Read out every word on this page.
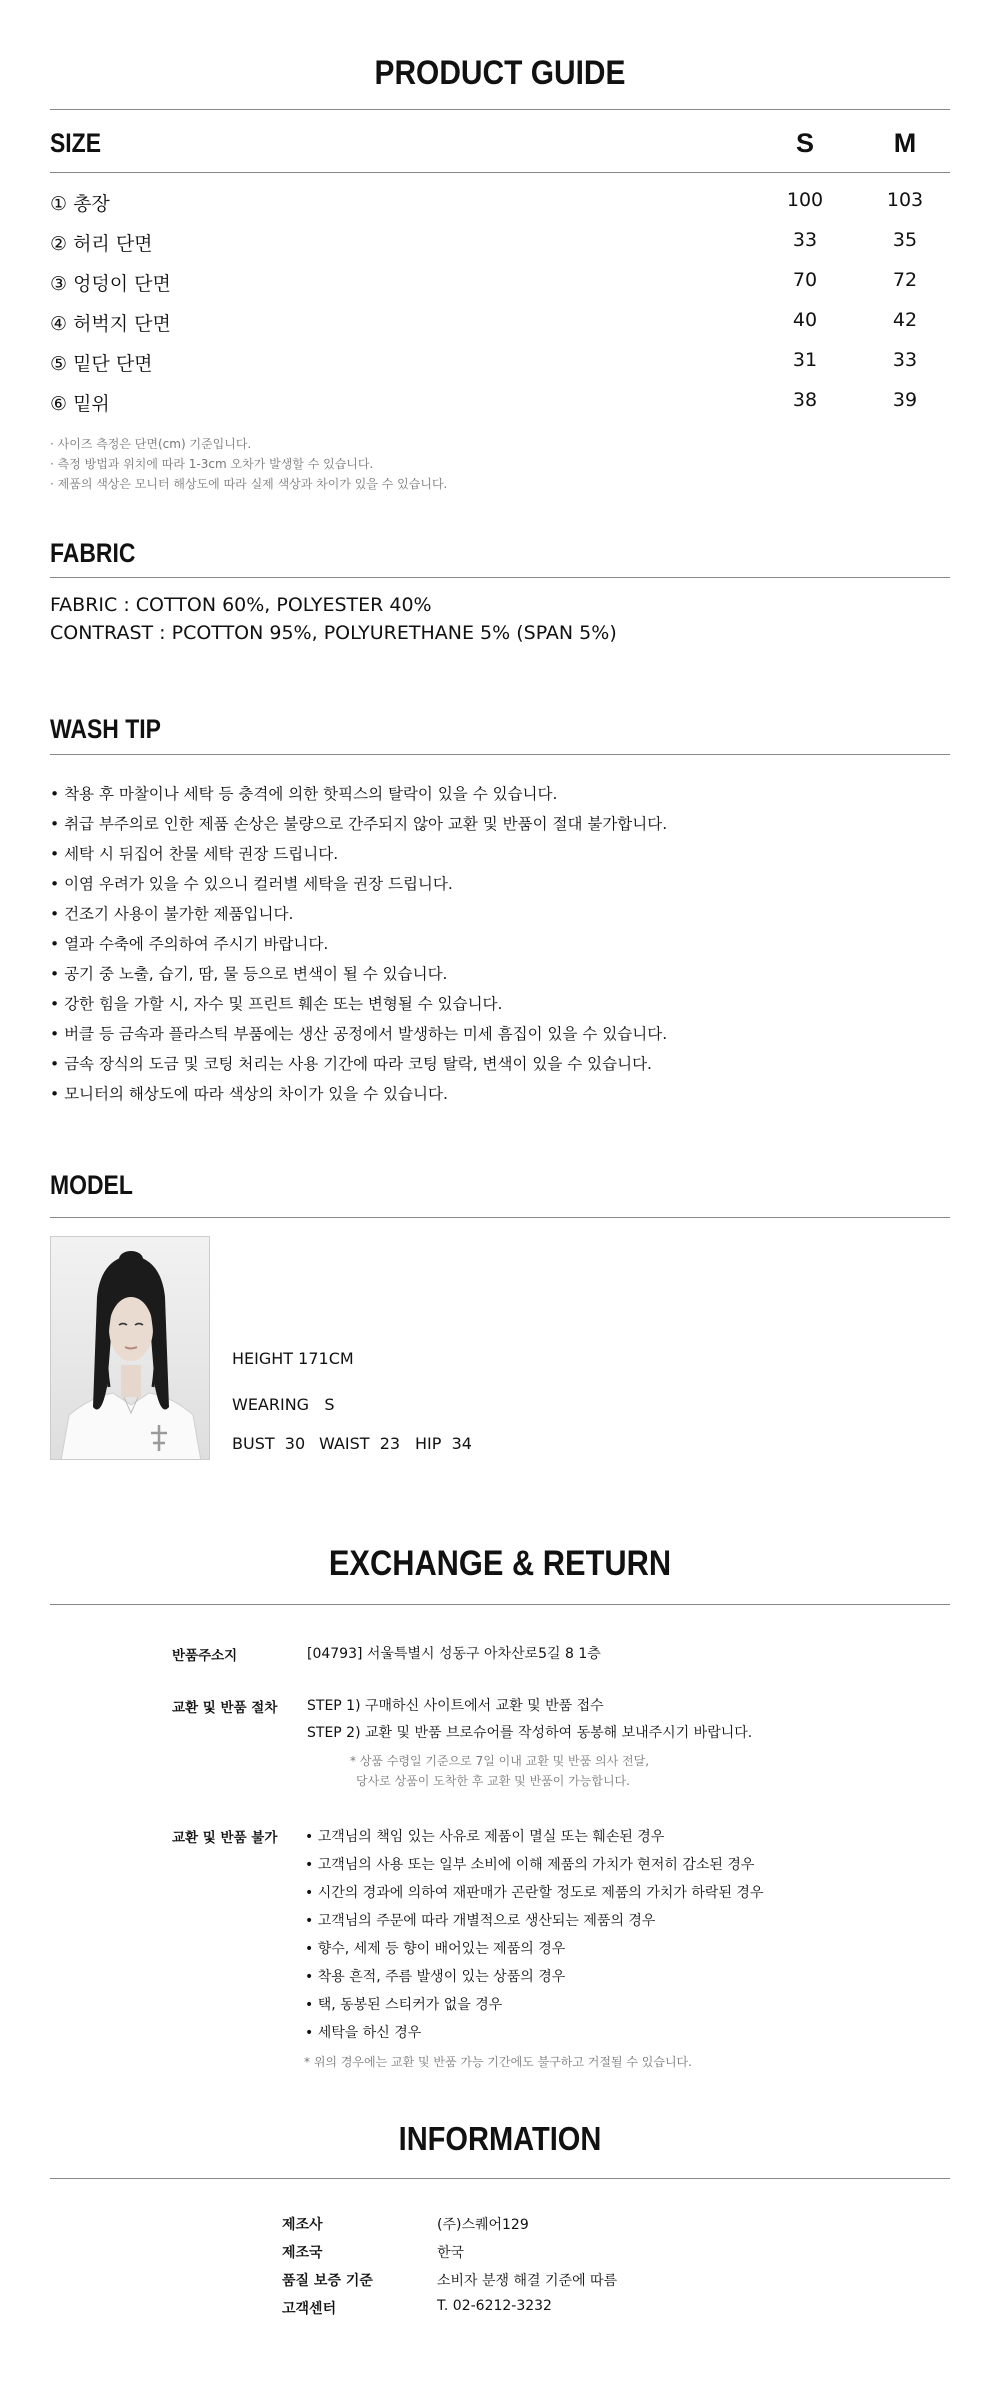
PRODUCT GUIDE
SIZE	S	M
① 총장	100	103
② 허리 단면	33	35
③ 엉덩이 단면	70	72
④ 허벅지 단면	40	42
⑤ 밑단 단면	31	33
⑥ 밑위	38	39
· 사이즈 측정은 단면(cm) 기준입니다.
· 측정 방법과 위치에 따라 1-3cm 오차가 발생할 수 있습니다.
· 제품의 색상은 모니터 해상도에 따라 실제 색상과 차이가 있을 수 있습니다.
FABRIC
FABRIC : COTTON 60%, POLYESTER 40%
CONTRAST : PCOTTON 95%, POLYURETHANE 5% (SPAN 5%)
WASH TIP
• 착용 후 마찰이나 세탁 등 충격에 의한 핫픽스의 탈락이 있을 수 있습니다.
• 취급 부주의로 인한 제품 손상은 불량으로 간주되지 않아 교환 및 반품이 절대 불가합니다.
• 세탁 시 뒤집어 찬물 세탁 권장 드립니다.
• 이염 우려가 있을 수 있으니 컬러별 세탁을 권장 드립니다.
• 건조기 사용이 불가한 제품입니다.
• 열과 수축에 주의하여 주시기 바랍니다.
• 공기 중 노출, 습기, 땀, 물 등으로 변색이 될 수 있습니다.
• 강한 힘을 가할 시, 자수 및 프린트 훼손 또는 변형될 수 있습니다.
• 버클 등 금속과 플라스틱 부품에는 생산 공정에서 발생하는 미세 흠집이 있을 수 있습니다.
• 금속 장식의 도금 및 코팅 처리는 사용 기간에 따라 코팅 탈락, 변색이 있을 수 있습니다.
• 모니터의 해상도에 따라 색상의 차이가 있을 수 있습니다.
MODEL
HEIGHT 171CM
WEARING   S
BUST  30 WAIST  23 HIP  34
EXCHANGE & RETURN
반품주소지	[04793] 서울특별시 성동구 아차산로5길 8 1층
교환 및 반품 절차 STEP 1) 구매하신 사이트에서 교환 및 반품 접수
STEP 2) 교환 및 반품 브로슈어를 작성하여 동봉해 보내주시기 바랍니다.
* 상품 수령일 기준으로 7일 이내 교환 및 반품 의사 전달,
당사로 상품이 도착한 후 교환 및 반품이 가능합니다.
교환 및 반품 불가 • 고객님의 책임 있는 사유로 제품이 멸실 또는 훼손된 경우
• 고객님의 사용 또는 일부 소비에 이해 제품의 가치가 현저히 감소된 경우
• 시간의 경과에 의하여 재판매가 곤란할 정도로 제품의 가치가 하락된 경우
• 고객님의 주문에 따라 개별적으로 생산되는 제품의 경우
• 향수, 세제 등 향이 배어있는 제품의 경우
• 착용 흔적, 주름 발생이 있는 상품의 경우
• 택, 동봉된 스티커가 없을 경우
• 세탁을 하신 경우
* 위의 경우에는 교환 및 반품 가능 기간에도 불구하고 거절될 수 있습니다.
INFORMATION
제조사	(주)스퀘어129
제조국	한국
품질 보증 기준	소비자 분쟁 해결 기준에 따름
고객센터	T. 02-6212-3232
